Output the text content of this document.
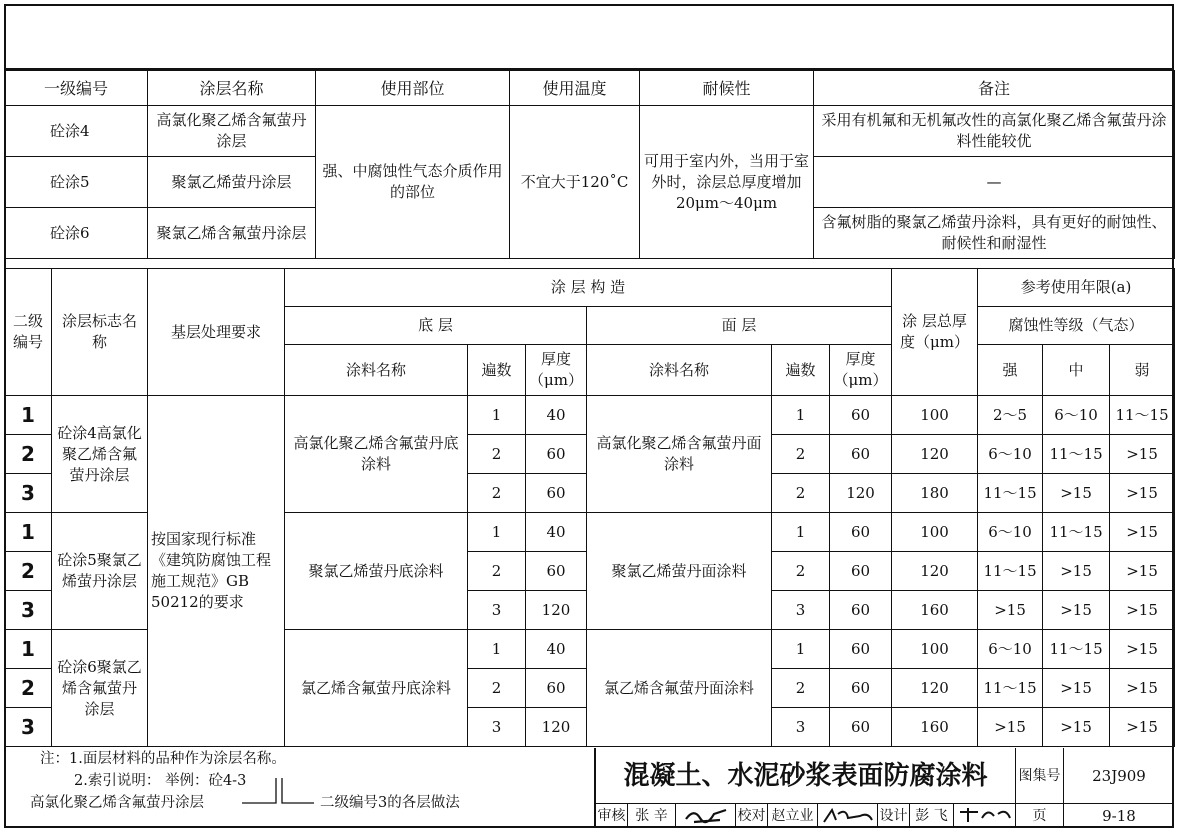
一级编号	涂层名称	使用部位	使用温度	耐候性	备注
砼涂4	高氯化聚乙烯含氟萤丹涂层	强、中腐蚀性气态介质作用的部位	不宜大于120˚C	可用于室内外，当用于室外时，涂层总厚度增加20μm～40μm	采用有机氟和无机氟改性的高氯化聚乙烯含氟萤丹涂料性能较优
砼涂5	聚氯乙烯萤丹涂层				—
砼涂6	聚氯乙烯含氟萤丹涂层				含氟树脂的聚氯乙烯萤丹涂料，具有更好的耐蚀性、耐候性和耐湿性
二级编号	涂层标志名称	基层处理要求	涂 层 构 造						涂 层总厚度（μm）	参考使用年限(a)		
			底 层			面 层				腐蚀性等级（气态）		
			涂料名称	遍数	厚度（μm）	涂料名称	遍数	厚度（μm）		强	中	弱
1	砼涂4高氯化聚乙烯含氟萤丹涂层	按国家现行标准《建筑防腐蚀工程施工规范》GB 50212的要求	高氯化聚乙烯含氟萤丹底涂料	1	40	高氯化聚乙烯含氟萤丹面涂料	1	60	100	2～5	6～10	11～15
2				2	60		2	60	120	6～10	11～15	>15
3				2	60		2	120	180	11～15	>15	>15
1	砼涂5聚氯乙烯萤丹涂层		聚氯乙烯萤丹底涂料	1	40	聚氯乙烯萤丹面涂料	1	60	100	6～10	11～15	>15
2				2	60		2	60	120	11～15	>15	>15
3				3	120		3	60	160	>15	>15	>15
1	砼涂6聚氯乙烯含氟萤丹涂层		氯乙烯含氟萤丹底涂料	1	40	氯乙烯含氟萤丹面涂料	1	60	100	6～10	11～15	>15
2				2	60		2	60	120	11～15	>15	>15
3				3	120		3	60	160	>15	>15	>15
注：1.面层材料的品种作为涂层名称。
2.索引说明： 举例：砼4-3
高氯化聚乙烯含氟萤丹涂层	二级编号3的各层做法
混凝土、水泥砂浆表面防腐涂料	图集号	23J909
审核 张 辛	校对 赵立业	设计 彭 飞	页	9-18
